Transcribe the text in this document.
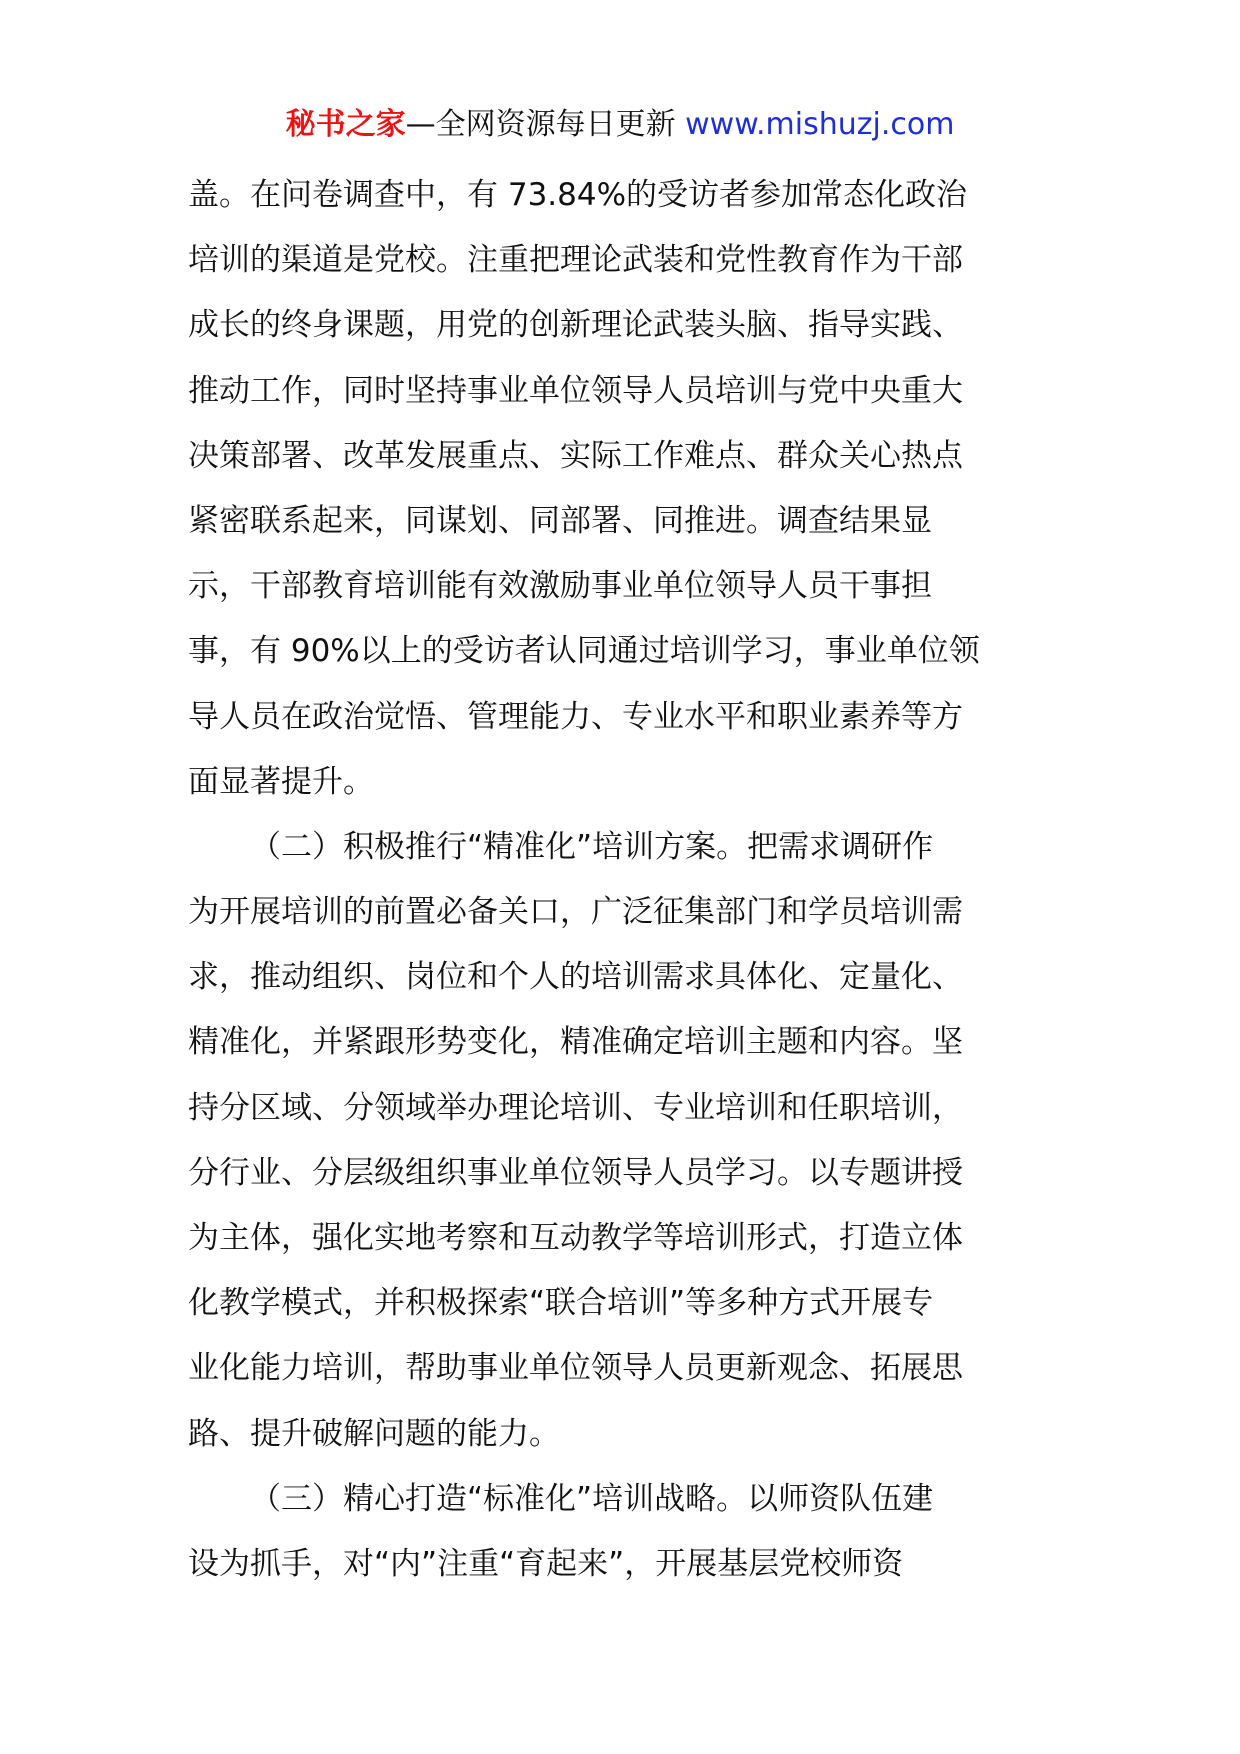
秘书之家—全网资源每日更新 www.mishuzj.com
盖。在问卷调查中，有 73.84%的受访者参加常态化政治
培训的渠道是党校。注重把理论武装和党性教育作为干部
成长的终身课题，用党的创新理论武装头脑、指导实践、
推动工作，同时坚持事业单位领导人员培训与党中央重大
决策部署、改革发展重点、实际工作难点、群众关心热点
紧密联系起来，同谋划、同部署、同推进。调查结果显
示，干部教育培训能有效激励事业单位领导人员干事担
事，有 90%以上的受访者认同通过培训学习，事业单位领
导人员在政治觉悟、管理能力、专业水平和职业素养等方
面显著提升。
（二）积极推行“精准化”培训方案。把需求调研作
为开展培训的前置必备关口，广泛征集部门和学员培训需
求，推动组织、岗位和个人的培训需求具体化、定量化、
精准化，并紧跟形势变化，精准确定培训主题和内容。坚
持分区域、分领域举办理论培训、专业培训和任职培训，
分行业、分层级组织事业单位领导人员学习。以专题讲授
为主体，强化实地考察和互动教学等培训形式，打造立体
化教学模式，并积极探索“联合培训”等多种方式开展专
业化能力培训，帮助事业单位领导人员更新观念、拓展思
路、提升破解问题的能力。
（三）精心打造“标准化”培训战略。以师资队伍建
设为抓手，对“内”注重“育起来”，开展基层党校师资
